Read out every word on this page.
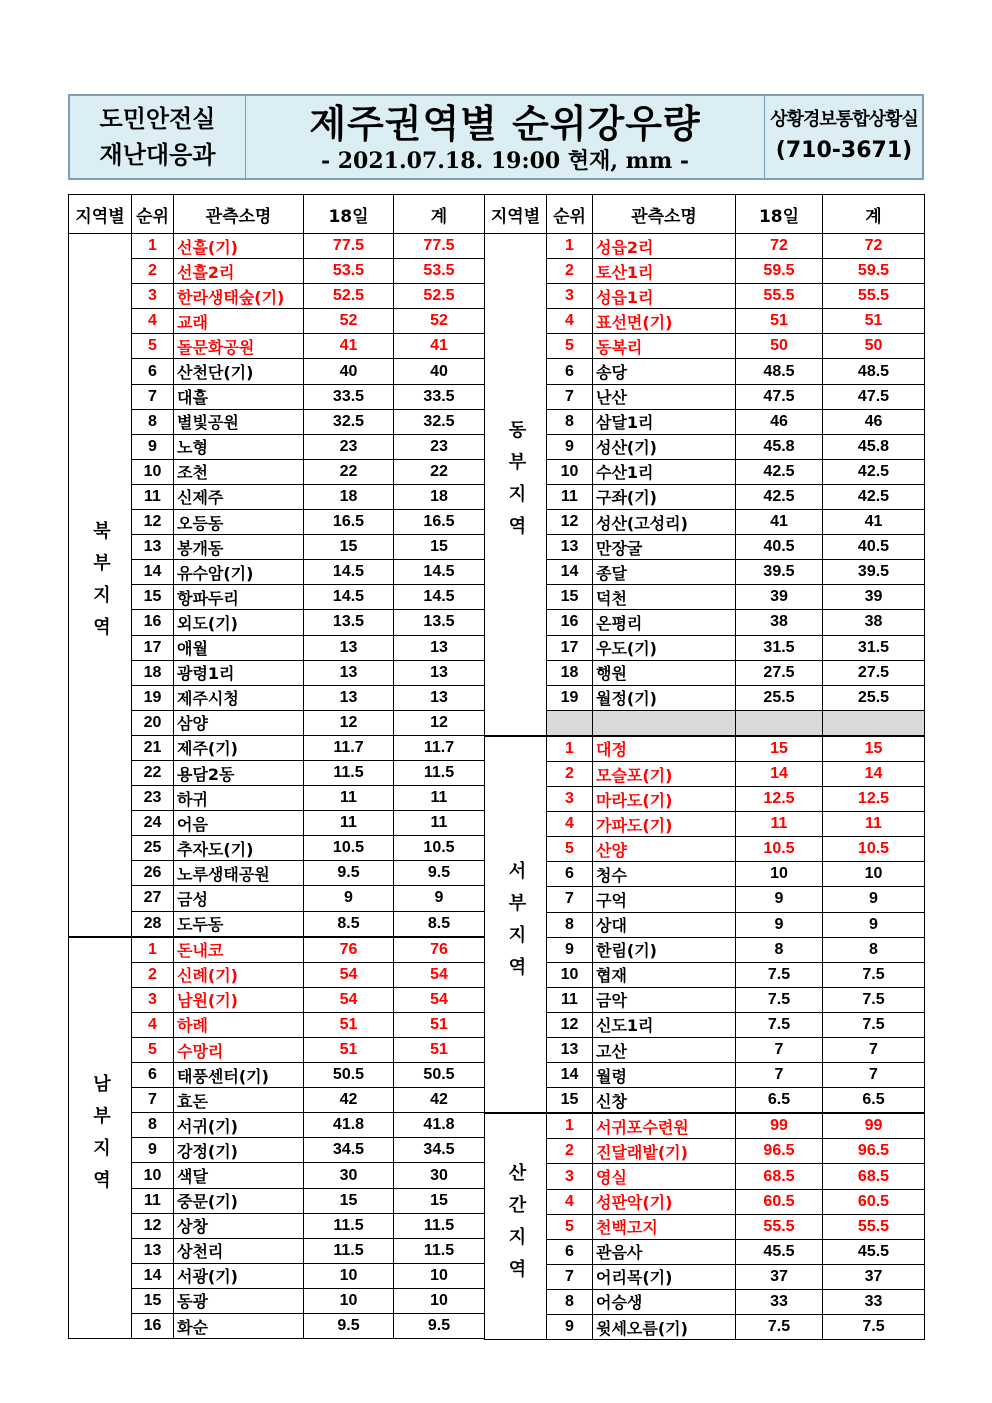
도민안전실
재난대응과
제주권역별 순위강우량
- 2021.07.18. 19:00 현재, mm -
상황경보통합상황실
(710-3671)
지역별	순위	관측소명	18일	계
북부지역	1	선흘(기)	77.5	77.5
	2	선흘2리	53.5	53.5
	3	한라생태숲(기)	52.5	52.5
	4	교래	52	52
	5	돌문화공원	41	41
	6	산천단(기)	40	40
	7	대흘	33.5	33.5
	8	별빛공원	32.5	32.5
	9	노형	23	23
	10	조천	22	22
	11	신제주	18	18
	12	오등동	16.5	16.5
	13	봉개동	15	15
	14	유수암(기)	14.5	14.5
	15	항파두리	14.5	14.5
	16	외도(기)	13.5	13.5
	17	애월	13	13
	18	광령1리	13	13
	19	제주시청	13	13
	20	삼양	12	12
	21	제주(기)	11.7	11.7
	22	용담2동	11.5	11.5
	23	하귀	11	11
	24	어음	11	11
	25	추자도(기)	10.5	10.5
	26	노루생태공원	9.5	9.5
	27	금성	9	9
	28	도두동	8.5	8.5
남부지역	1	돈내코	76	76
	2	신례(기)	54	54
	3	남원(기)	54	54
	4	하례	51	51
	5	수망리	51	51
	6	태풍센터(기)	50.5	50.5
	7	효돈	42	42
	8	서귀(기)	41.8	41.8
	9	강정(기)	34.5	34.5
	10	색달	30	30
	11	중문(기)	15	15
	12	상창	11.5	11.5
	13	상천리	11.5	11.5
	14	서광(기)	10	10
	15	동광	10	10
	16	화순	9.5	9.5
지역별	순위	관측소명	18일	계
동부지역	1	성읍2리	72	72
	2	토산1리	59.5	59.5
	3	성읍1리	55.5	55.5
	4	표선면(기)	51	51
	5	동복리	50	50
	6	송당	48.5	48.5
	7	난산	47.5	47.5
	8	삼달1리	46	46
	9	성산(기)	45.8	45.8
	10	수산1리	42.5	42.5
	11	구좌(기)	42.5	42.5
	12	성산(고성리)	41	41
	13	만장굴	40.5	40.5
	14	종달	39.5	39.5
	15	덕천	39	39
	16	온평리	38	38
	17	우도(기)	31.5	31.5
	18	행원	27.5	27.5
	19	월정(기)	25.5	25.5

서부지역	1	대정	15	15
	2	모슬포(기)	14	14
	3	마라도(기)	12.5	12.5
	4	가파도(기)	11	11
	5	산양	10.5	10.5
	6	청수	10	10
	7	구억	9	9
	8	상대	9	9
	9	한림(기)	8	8
	10	협재	7.5	7.5
	11	금악	7.5	7.5
	12	신도1리	7.5	7.5
	13	고산	7	7
	14	월령	7	7
	15	신창	6.5	6.5
산간지역	1	서귀포수련원	99	99
	2	진달래밭(기)	96.5	96.5
	3	영실	68.5	68.5
	4	성판악(기)	60.5	60.5
	5	천백고지	55.5	55.5
	6	관음사	45.5	45.5
	7	어리목(기)	37	37
	8	어승생	33	33
	9	윗세오름(기)	7.5	7.5
